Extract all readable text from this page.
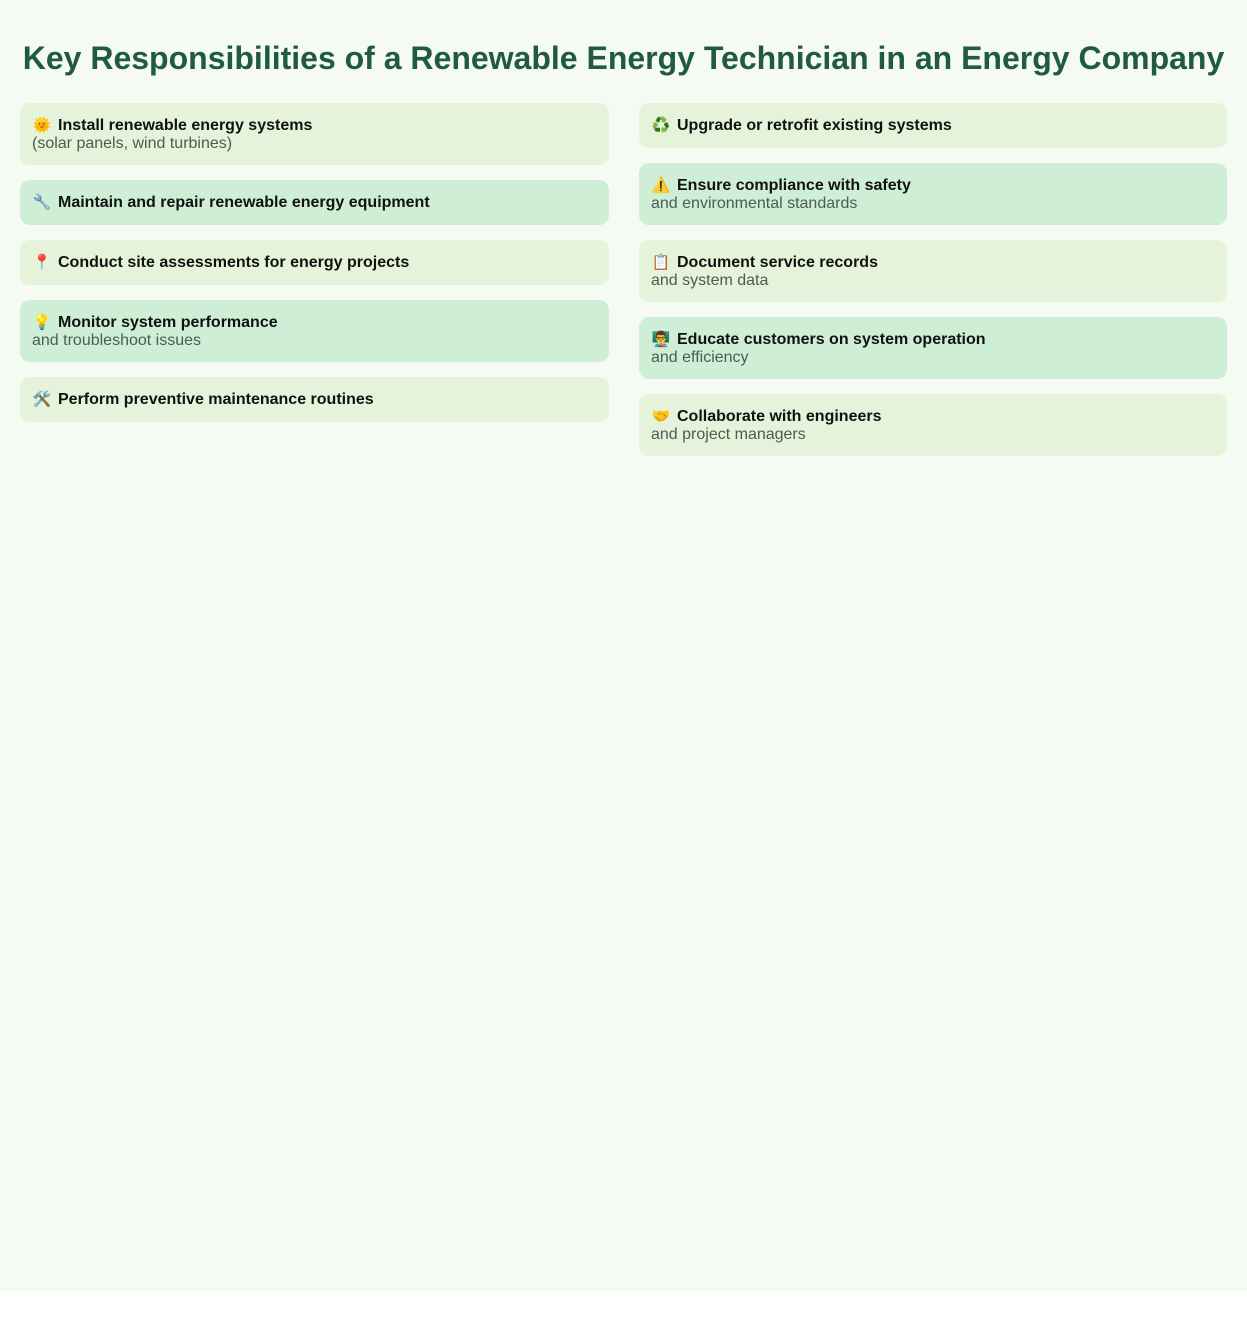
Key Responsibilities of a Renewable Energy Technician in an Energy Company
🌞 Install renewable energy systems
(solar panels, wind turbines)
🔧 Maintain and repair renewable energy equipment
📍 Conduct site assessments for energy projects
💡 Monitor system performance
and troubleshoot issues
🛠️ Perform preventive maintenance routines
♻️ Upgrade or retrofit existing systems
⚠️ Ensure compliance with safety
and environmental standards
📋 Document service records
and system data
👨‍🏫 Educate customers on system operation
and efficiency
🤝 Collaborate with engineers
and project managers
